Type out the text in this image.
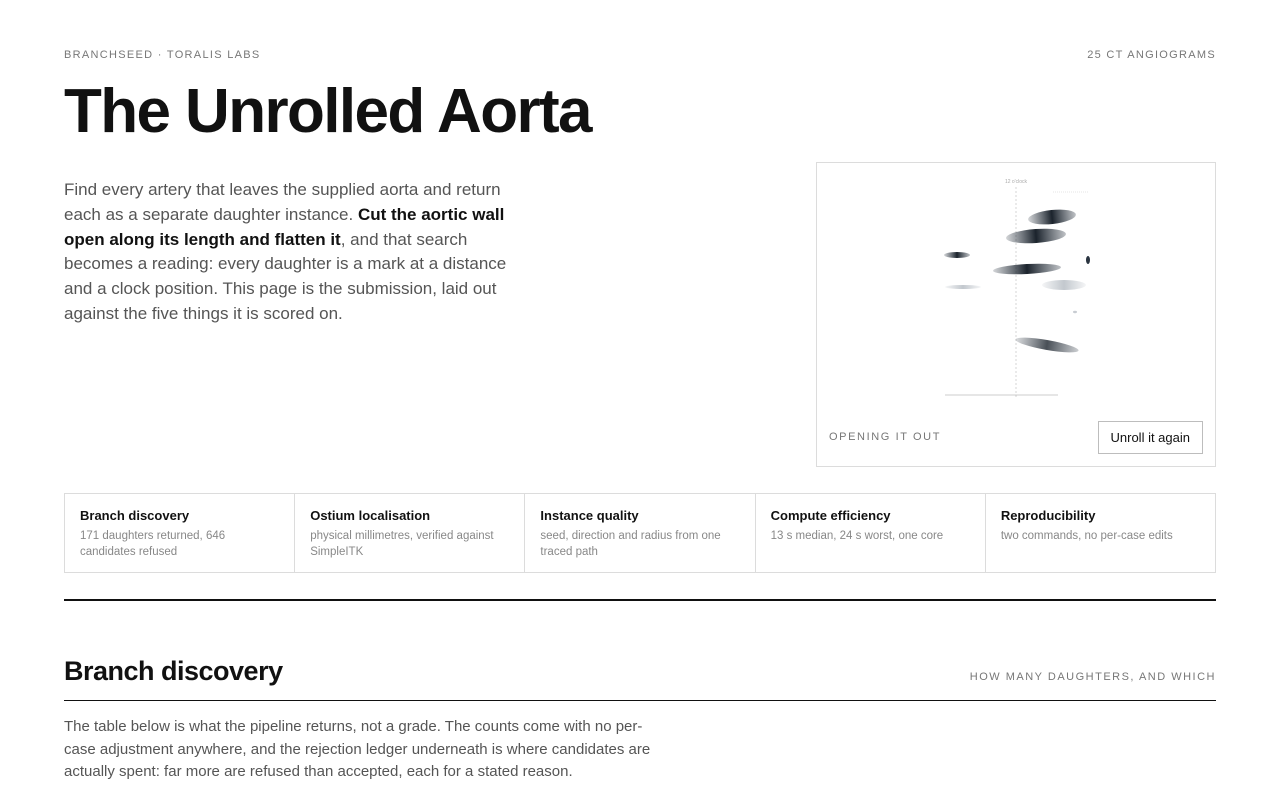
BRANCHSEED · TORALIS LABS	25 CT ANGIOGRAMS
The Unrolled Aorta

Find every artery that leaves the supplied aorta and return each as a separate daughter instance. Cut the aortic wall open along its length and flatten it, and that search becomes a reading: every daughter is a mark at a distance and a clock position. This page is the submission, laid out against the five things it is scored on.

12 o'clock
OPENING IT OUT	Unroll it again
Branch discovery
171 daughters returned, 646 candidates refused
Ostium localisation
physical millimetres, verified against SimpleITK
Instance quality
seed, direction and radius from one traced path
Compute efficiency
13 s median, 24 s worst, one core
Reproducibility
two commands, no per-case edits
Branch discovery	HOW MANY DAUGHTERS, AND WHICH

The table below is what the pipeline returns, not a grade. The counts come with no per-case adjustment anywhere, and the rejection ledger underneath is where candidates are actually spent: far more are refused than accepted, each for a stated reason.
